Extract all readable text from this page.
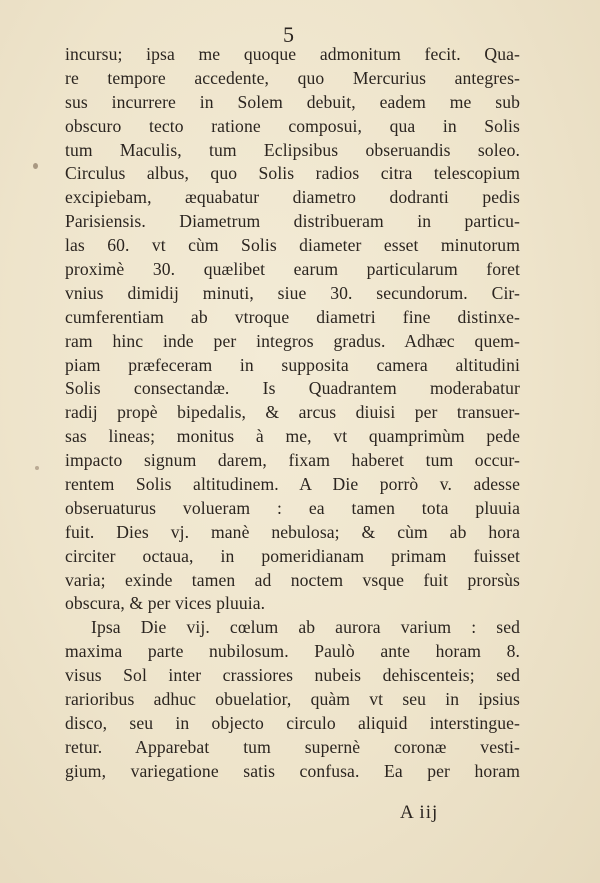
5
incursu; ipsa me quoque admonitum fecit. Qua-
re tempore accedente, quo Mercurius antegres-
sus incurrere in Solem debuit, eadem me sub
obscuro tecto ratione composui, qua in Solis
tum Maculis, tum Eclipsibus obseruandis soleo.
Circulus albus, quo Solis radios citra telescopium
excipiebam, æquabatur diametro dodranti pedis
Parisiensis. Diametrum distribueram in particu-
las 60. vt cùm Solis diameter esset minutorum
proximè 30. quælibet earum particularum foret
vnius dimidij minuti, siue 30. secundorum. Cir-
cumferentiam ab vtroque diametri fine distinxe-
ram hinc inde per integros gradus. Adhæc quem-
piam præfeceram in supposita camera altitudini
Solis consectandæ. Is Quadrantem moderabatur
radij propè bipedalis, & arcus diuisi per transuer-
sas lineas; monitus à me, vt quamprimùm pede
impacto signum darem, fixam haberet tum occur-
rentem Solis altitudinem. A Die porrò v. adesse
obseruaturus volueram : ea tamen tota pluuia
fuit. Dies vj. manè nebulosa; & cùm ab hora
circiter octaua, in pomeridianam primam fuisset
varia; exinde tamen ad noctem vsque fuit prorsùs
obscura, & per vices pluuia.
Ipsa Die vij. cœlum ab aurora varium : sed
maxima parte nubilosum. Paulò ante horam 8.
visus Sol inter crassiores nubeis dehiscenteis; sed
rarioribus adhuc obuelatior, quàm vt seu in ipsius
disco, seu in objecto circulo aliquid interstinguе-
retur. Apparebat tum supernè coronæ vesti-
gium, variegatione satis confusa. Ea per horam
A iij
